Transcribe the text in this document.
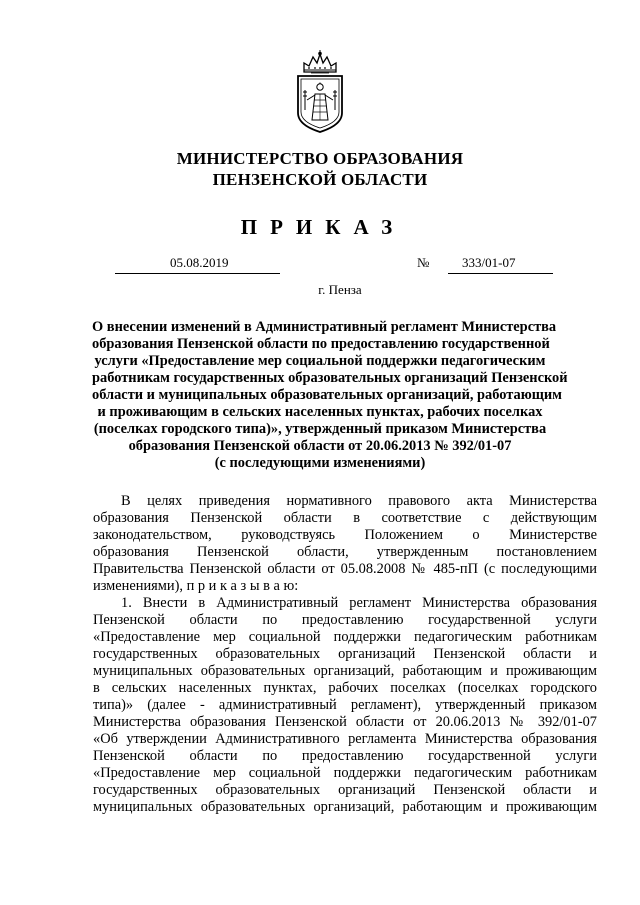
МИНИСТЕРСТВО ОБРАЗОВАНИЯ
ПЕНЗЕНСКОЙ ОБЛАСТИ
ПРИКАЗ
05.08.2019	№	333/01-07
г. Пенза
О внесении изменений в Административный регламент Министерства
образования Пензенской области по предоставлению государственной
услуги «Предоставление мер социальной поддержки педагогическим
работникам государственных образовательных организаций Пензенской
области и муниципальных образовательных организаций, работающим
и проживающим в сельских населенных пунктах, рабочих поселках
(поселках городского типа)», утвержденный приказом Министерства
образования Пензенской области от 20.06.2013 № 392/01-07
(с последующими изменениями)
В целях приведения нормативного правового акта Министерства
образования Пензенской области в соответствие с действующим
законодательством, руководствуясь Положением о Министерстве
образования Пензенской области, утвержденным постановлением
Правительства Пензенской области от 05.08.2008 № 485-пП (с последующими
изменениями), п р и к а з ы в а ю:
1. Внести в Административный регламент Министерства образования
Пензенской области по предоставлению государственной услуги
«Предоставление мер социальной поддержки педагогическим работникам
государственных образовательных организаций Пензенской области и
муниципальных образовательных организаций, работающим и проживающим
в сельских населенных пунктах, рабочих поселках (поселках городского
типа)» (далее - административный регламент), утвержденный приказом
Министерства образования Пензенской области от 20.06.2013 № 392/01-07
«Об утверждении Административного регламента Министерства образования
Пензенской области по предоставлению государственной услуги
«Предоставление мер социальной поддержки педагогическим работникам
государственных образовательных организаций Пензенской области и
муниципальных образовательных организаций, работающим и проживающим
